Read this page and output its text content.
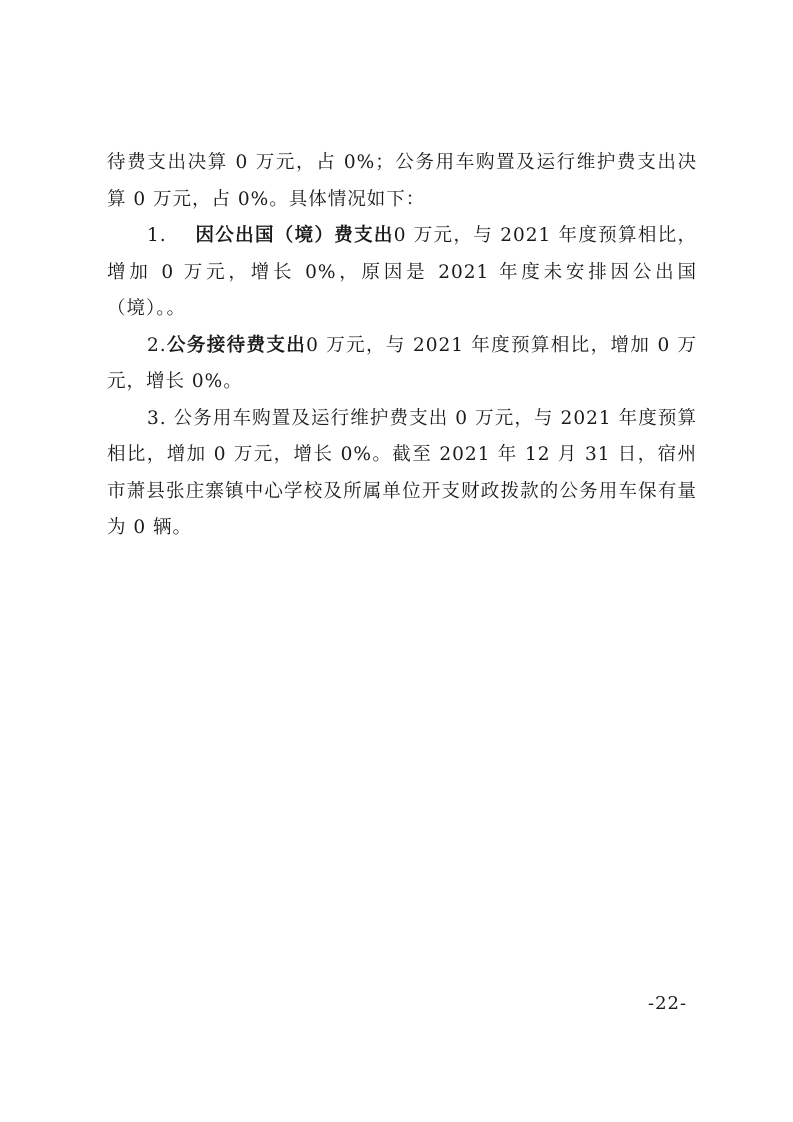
待费支出决算 0 万元，占 0%；公务用车购置及运行维护费支出决算 0 万元，占 0%。具体情况如下：

1. 因公出国（境）费支出0 万元，与 2021 年度预算相比，增加 0 万元，增长 0%，原因是 2021 年度未安排因公出国（境）。。

2.公务接待费支出0 万元，与 2021 年度预算相比，增加 0 万元，增长 0%。

3. 公务用车购置及运行维护费支出 0 万元，与 2021 年度预算相比，增加 0 万元，增长 0%。截至 2021 年 12 月 31 日，宿州市萧县张庄寨镇中心学校及所属单位开支财政拨款的公务用车保有量为 0 辆。

-22-
